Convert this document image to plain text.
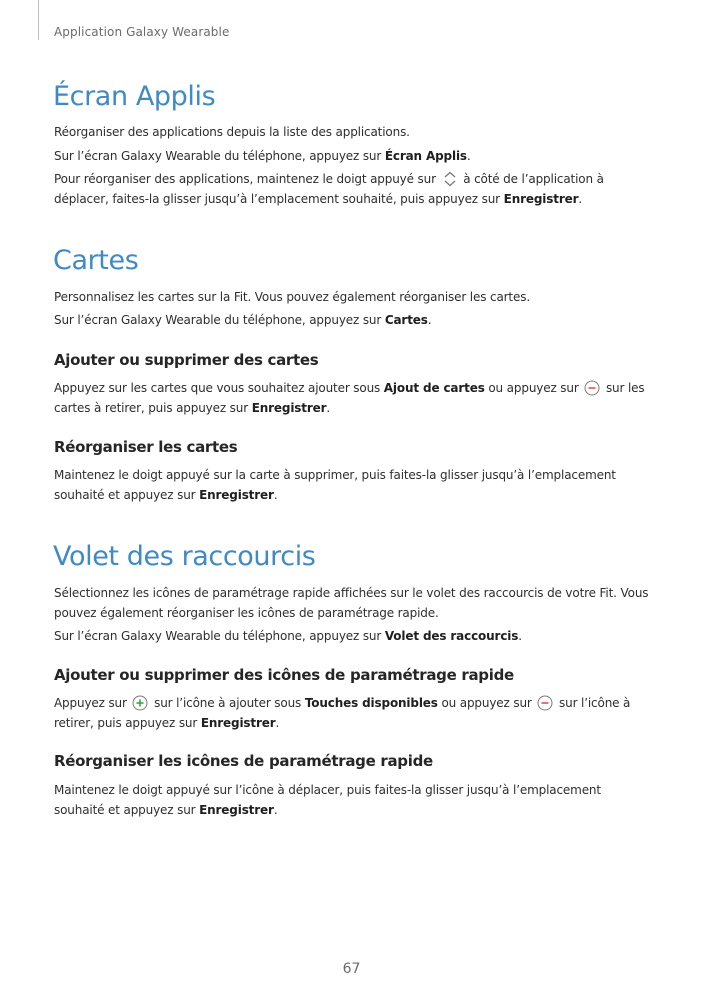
Application Galaxy Wearable
Écran Applis

Réorganiser des applications depuis la liste des applications.

Sur l’écran Galaxy Wearable du téléphone, appuyez sur Écran Applis.

Pour réorganiser des applications, maintenez le doigt appuyé sur  à côté de l’application à déplacer, faites-la glisser jusqu’à l’emplacement souhaité, puis appuyez sur Enregistrer.

Cartes

Personnalisez les cartes sur la Fit. Vous pouvez également réorganiser les cartes.

Sur l’écran Galaxy Wearable du téléphone, appuyez sur Cartes.

Ajouter ou supprimer des cartes

Appuyez sur les cartes que vous souhaitez ajouter sous Ajout de cartes ou appuyez sur  sur les cartes à retirer, puis appuyez sur Enregistrer.

Réorganiser les cartes

Maintenez le doigt appuyé sur la carte à supprimer, puis faites-la glisser jusqu’à l’emplacement souhaité et appuyez sur Enregistrer.

Volet des raccourcis

Sélectionnez les icônes de paramétrage rapide affichées sur le volet des raccourcis de votre Fit. Vous pouvez également réorganiser les icônes de paramétrage rapide.

Sur l’écran Galaxy Wearable du téléphone, appuyez sur Volet des raccourcis.

Ajouter ou supprimer des icônes de paramétrage rapide

Appuyez sur  sur l’icône à ajouter sous Touches disponibles ou appuyez sur  sur l’icône à retirer, puis appuyez sur Enregistrer.

Réorganiser les icônes de paramétrage rapide

Maintenez le doigt appuyé sur l’icône à déplacer, puis faites-la glisser jusqu’à l’emplacement souhaité et appuyez sur Enregistrer.

67
